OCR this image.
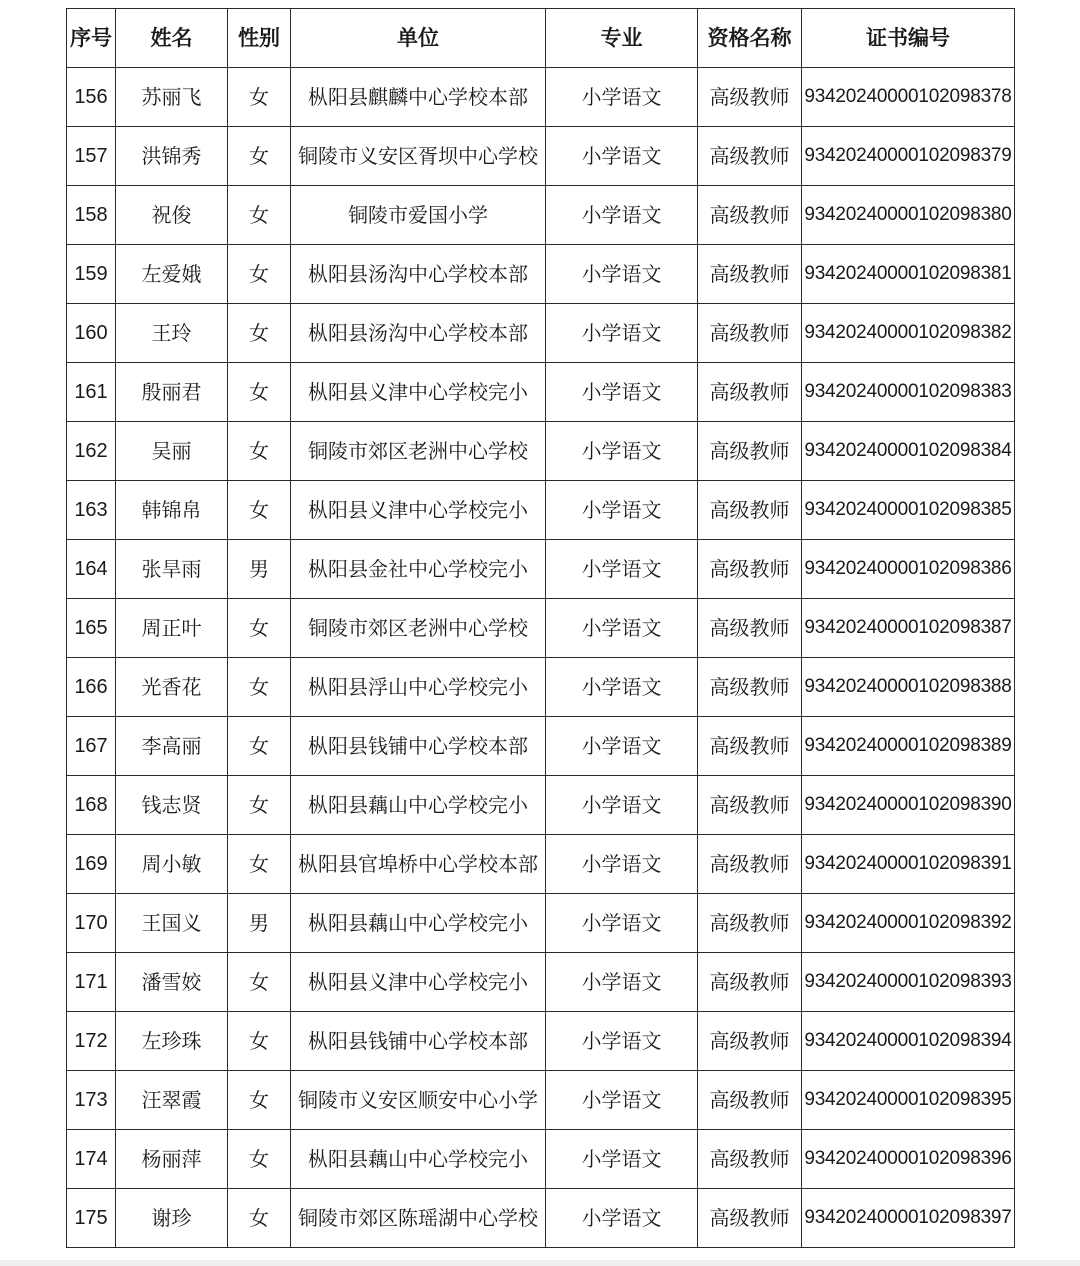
序号	姓名	性别	单位	专业	资格名称	证书编号
156	苏丽飞	女	枞阳县麒麟中心学校本部	小学语文	高级教师	93420240000102098378
157	洪锦秀	女	铜陵市义安区胥坝中心学校	小学语文	高级教师	93420240000102098379
158	祝俊	女	铜陵市爱国小学	小学语文	高级教师	93420240000102098380
159	左爱娥	女	枞阳县汤沟中心学校本部	小学语文	高级教师	93420240000102098381
160	王玲	女	枞阳县汤沟中心学校本部	小学语文	高级教师	93420240000102098382
161	殷丽君	女	枞阳县义津中心学校完小	小学语文	高级教师	93420240000102098383
162	吴丽	女	铜陵市郊区老洲中心学校	小学语文	高级教师	93420240000102098384
163	韩锦帛	女	枞阳县义津中心学校完小	小学语文	高级教师	93420240000102098385
164	张旱雨	男	枞阳县金社中心学校完小	小学语文	高级教师	93420240000102098386
165	周正叶	女	铜陵市郊区老洲中心学校	小学语文	高级教师	93420240000102098387
166	光香花	女	枞阳县浮山中心学校完小	小学语文	高级教师	93420240000102098388
167	李高丽	女	枞阳县钱铺中心学校本部	小学语文	高级教师	93420240000102098389
168	钱志贤	女	枞阳县藕山中心学校完小	小学语文	高级教师	93420240000102098390
169	周小敏	女	枞阳县官埠桥中心学校本部	小学语文	高级教师	93420240000102098391
170	王国义	男	枞阳县藕山中心学校完小	小学语文	高级教师	93420240000102098392
171	潘雪姣	女	枞阳县义津中心学校完小	小学语文	高级教师	93420240000102098393
172	左珍珠	女	枞阳县钱铺中心学校本部	小学语文	高级教师	93420240000102098394
173	汪翠霞	女	铜陵市义安区顺安中心小学	小学语文	高级教师	93420240000102098395
174	杨丽萍	女	枞阳县藕山中心学校完小	小学语文	高级教师	93420240000102098396
175	谢珍	女	铜陵市郊区陈瑶湖中心学校	小学语文	高级教师	93420240000102098397
